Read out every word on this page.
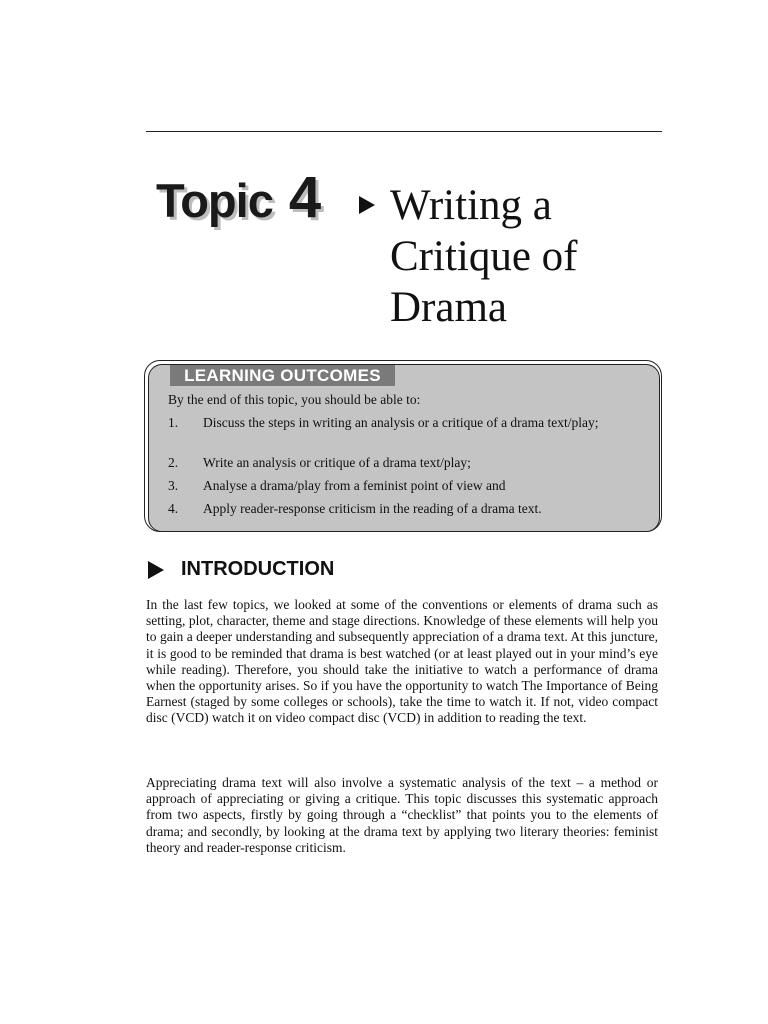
Topic 4 Writing a Critique of Drama
LEARNING OUTCOMES
By the end of this topic, you should be able to:
1. Discuss the steps in writing an analysis or a critique of a drama text/play;
2. Write an analysis or critique of a drama text/play;
3. Analyse a drama/play from a feminist point of view and
4. Apply reader-response criticism in the reading of a drama text.
INTRODUCTION

In the last few topics, we looked at some of the conventions or elements of drama such as setting, plot, character, theme and stage directions. Knowledge of these elements will help you to gain a deeper understanding and subsequently appreciation of a drama text. At this juncture, it is good to be reminded that drama is best watched (or at least played out in your mind’s eye while reading). Therefore, you should take the initiative to watch a performance of drama when the opportunity arises. So if you have the opportunity to watch The Importance of Being Earnest (staged by some colleges or schools), take the time to watch it. If not, video compact disc (VCD) watch it on video compact disc (VCD) in addition to reading the text.

Appreciating drama text will also involve a systematic analysis of the text – a method or approach of appreciating or giving a critique. This topic discusses this systematic approach from two aspects, firstly by going through a “checklist” that points you to the elements of drama; and secondly, by looking at the drama text by applying two literary theories: feminist theory and reader-response criticism.
